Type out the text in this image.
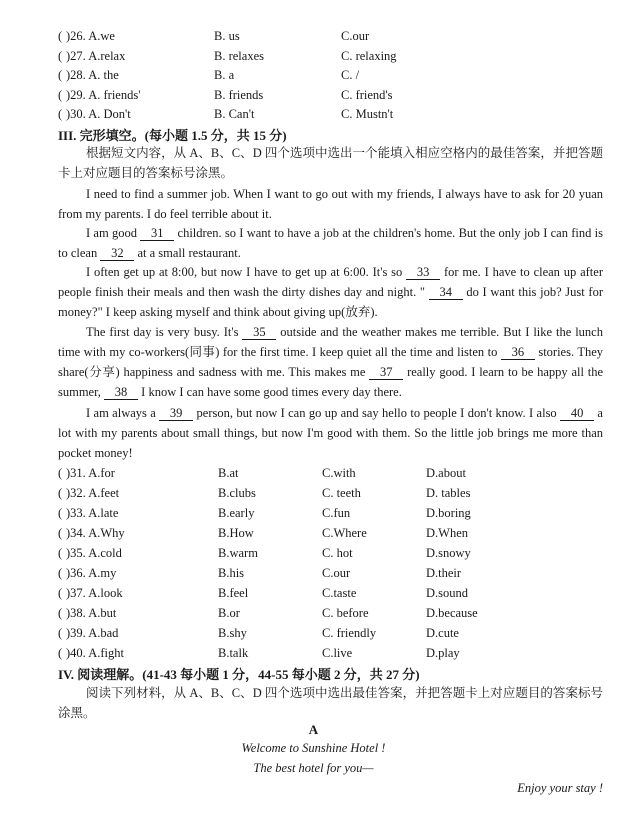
( )26. A.we	B. us	C.our
( )27. A.relax	B. relaxes	C. relaxing
( )28. A. the	B. a	C. /
( )29. A. friends'	B. friends	C. friend's
( )30. A. Don't	B. Can't	C. Mustn't
III. 完形填空。(每小题 1.5 分，共 15 分)
根据短文内容，从 A、B、C、D 四个选项中选出一个能填入相应空格内的最佳答案，并把答题卡上对应题目的答案标号涂黑。
I need to find a summer job. When I want to go out with my friends, I always have to ask for 20 yuan from my parents. I do feel terrible about it.
I am good 31 children. so I want to have a job at the children's home. But the only job I can find is to clean 32 at a small restaurant.
I often get up at 8:00, but now I have to get up at 6:00. It's so 33 for me. I have to clean up after people finish their meals and then wash the dirty dishes day and night. " 34 do I want this job? Just for money?" I keep asking myself and think about giving up(放弃).
The first day is very busy. It's 35 outside and the weather makes me terrible. But I like the lunch time with my co-workers(同事) for the first time. I keep quiet all the time and listen to 36 stories. They share(分享) happiness and sadness with me. This makes me 37 really good. I learn to be happy all the summer, 38 I know I can have some good times every day there.
I am always a 39 person, but now I can go up and say hello to people I don't know. I also 40 a lot with my parents about small things, but now I'm good with them. So the little job brings me more than pocket money!
( )31. A.for	B.at	C.with	D.about
( )32. A.feet	B.clubs	C. teeth	D. tables
( )33. A.late	B.early	C.fun	D.boring
( )34. A.Why	B.How	C.Where	D.When
( )35. A.cold	B.warm	C. hot	D.snowy
( )36. A.my	B.his	C.our	D.their
( )37. A.look	B.feel	C.taste	D.sound
( )38. A.but	B.or	C. before	D.because
( )39. A.bad	B.shy	C. friendly	D.cute
( )40. A.fight	B.talk	C.live	D.play
IV. 阅读理解。(41-43 每小题 1 分，44-55 每小题 2 分，共 27 分)
阅读下列材料，从 A、B、C、D 四个选项中选出最佳答案，并把答题卡上对应题目的答案标号涂黑。
A
Welcome to Sunshine Hotel !
The best hotel for you—
Enjoy your stay !
